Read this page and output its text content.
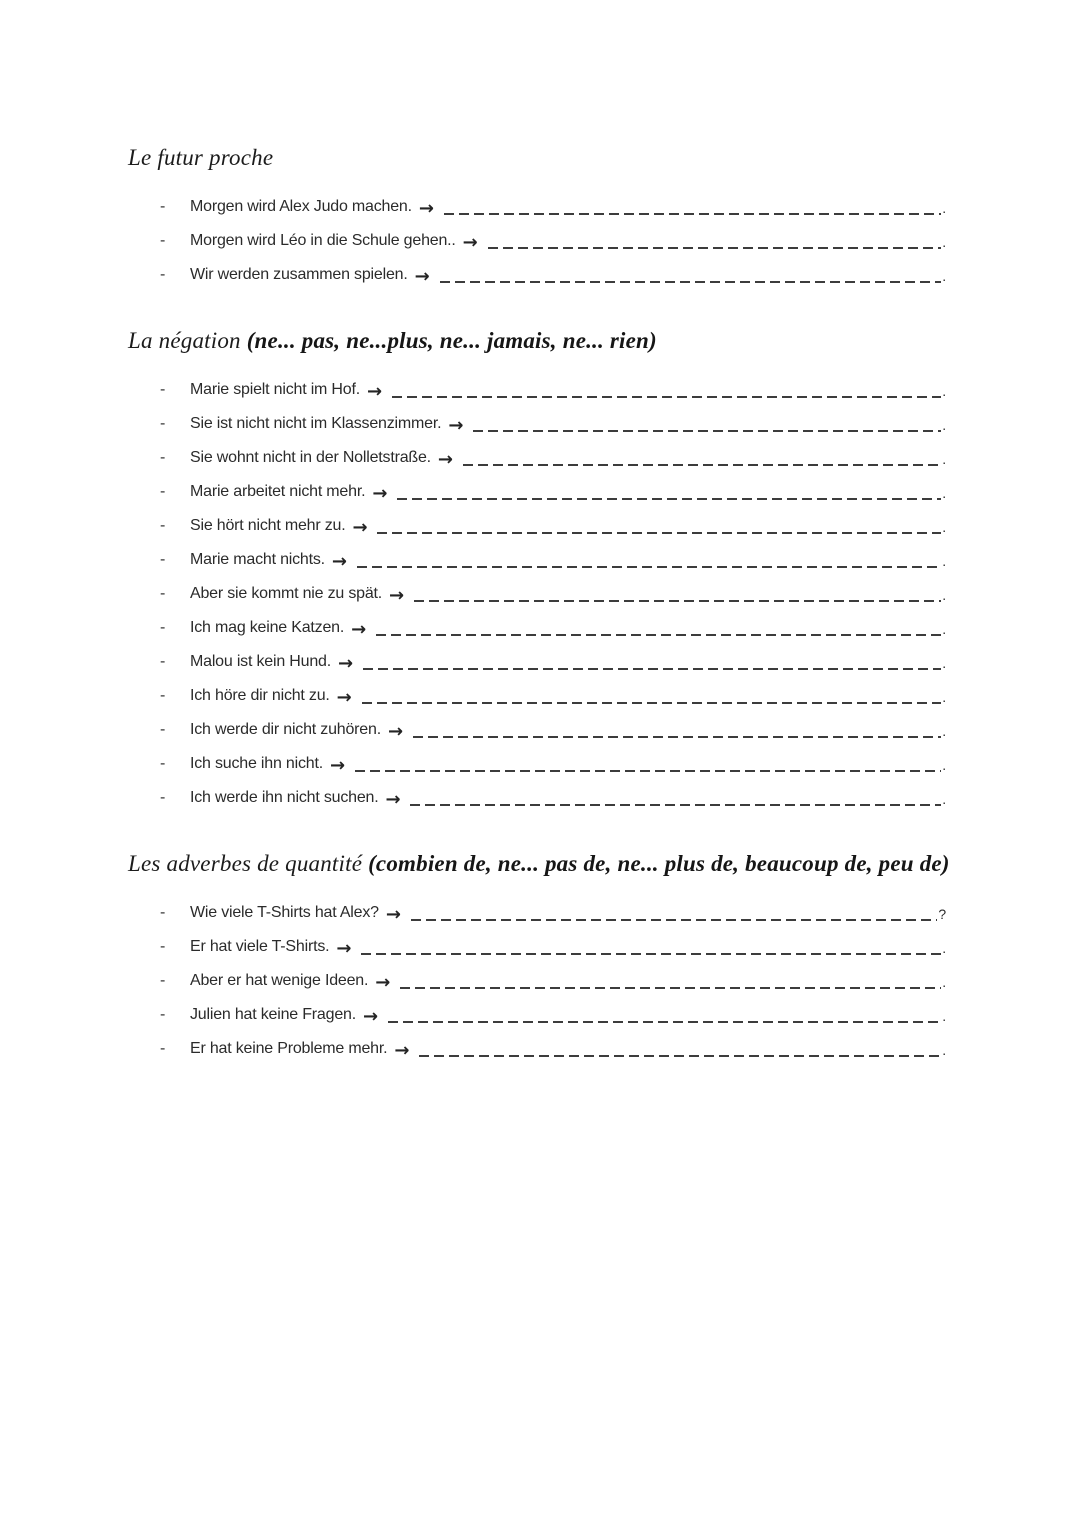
Le futur proche
-	Morgen wird Alex Judo machen. →	.
-	Morgen wird Léo in die Schule gehen.. →	.
-	Wir werden zusammen spielen. →	.
La négation (ne... pas, ne...plus, ne... jamais, ne... rien)
-	Marie spielt nicht im Hof. →	.
-	Sie ist nicht nicht im Klassenzimmer. →	.
-	Sie wohnt nicht in der Nolletstraße. →	.
-	Marie arbeitet nicht mehr. →	.
-	Sie hört nicht mehr zu. →	.
-	Marie macht nichts. →	.
-	Aber sie kommt nie zu spät. →	.
-	Ich mag keine Katzen. →	.
-	Malou ist kein Hund. →	.
-	Ich höre dir nicht zu. →	.
-	Ich werde dir nicht zuhören. →	.
-	Ich suche ihn nicht. →	.
-	Ich werde ihn nicht suchen. →	.
Les adverbes de quantité (combien de, ne... pas de, ne... plus de, beaucoup de, peu de)
-	Wie viele T-Shirts hat Alex? →	?
-	Er hat viele T-Shirts. →	.
-	Aber er hat wenige Ideen. →	.
-	Julien hat keine Fragen. →	.
-	Er hat keine Probleme mehr. →	.
